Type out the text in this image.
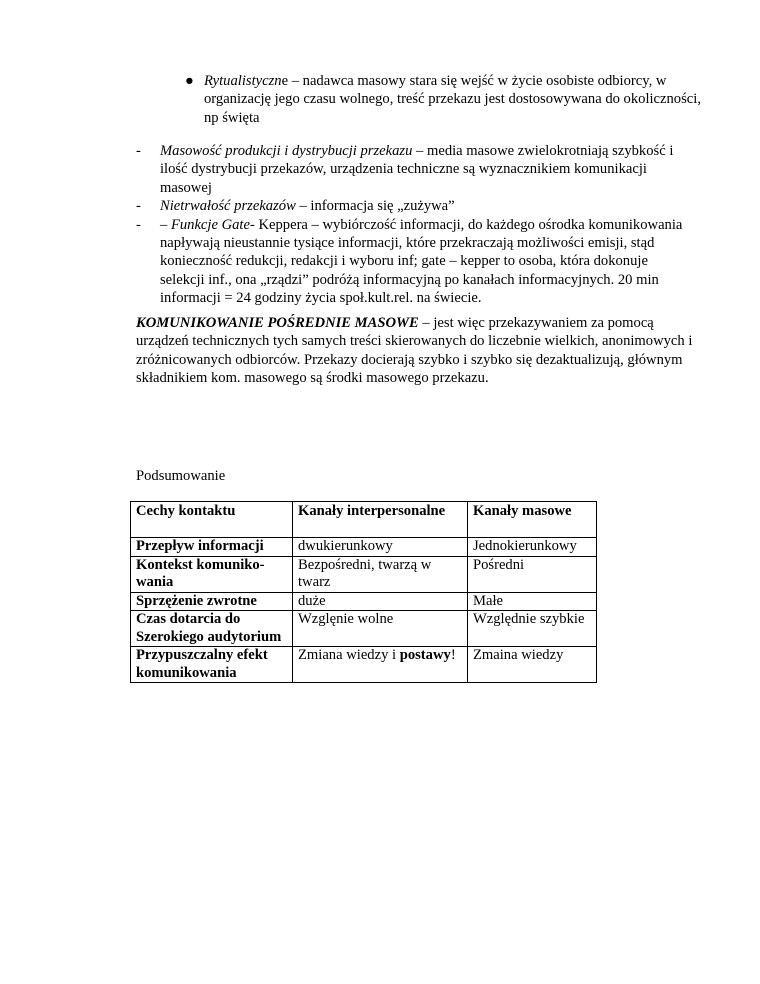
● Rytualistyczne – nadawca masowy stara się wejść w życie osobiste odbiorcy, w organizację jego czasu wolnego, treść przekazu jest dostosowywana do okoliczności, np święta
- Masowość produkcji i dystrybucji przekazu – media masowe zwielokrotniają szybkość i ilość dystrybucji przekazów, urządzenia techniczne są wyznacznikiem komunikacji masowej
- Nietrwałość przekazów – informacja się „zużywa”
- – Funkcje Gate- Keppera – wybiórczość informacji, do każdego ośrodka komunikowania napływają nieustannie tysiące informacji, które przekraczają możliwości emisji, stąd konieczność redukcji, redakcji i wyboru inf; gate – kepper to osoba, która dokonuje selekcji inf., ona „rządzi” podróżą informacyjną po kanałach informacyjnych. 20 min informacji = 24 godziny życia społ.kult.rel. na świecie.

KOMUNIKOWANIE POŚREDNIE MASOWE – jest więc przekazywaniem za pomocą urządzeń technicznych tych samych treści skierowanych do liczebnie wielkich, anonimowych i zróżnicowanych odbiorców. Przekazy docierają szybko i szybko się dezaktualizują, głównym składnikiem kom. masowego są środki masowego przekazu.

Podsumowanie
Cechy kontaktu	Kanały interpersonalne	Kanały masowe
Przepływ informacji	dwukierunkowy	Jednokierunkowy
Kontekst komuniko-wania	Bezpośredni, twarzą w twarz	Pośredni
Sprzężenie zwrotne	duże	Małe
Czas dotarcia do Szerokiego audytorium	Wzglęnie wolne	Względnie szybkie
Przypuszczalny efekt komunikowania	Zmiana wiedzy i postawy!	Zmaina wiedzy
